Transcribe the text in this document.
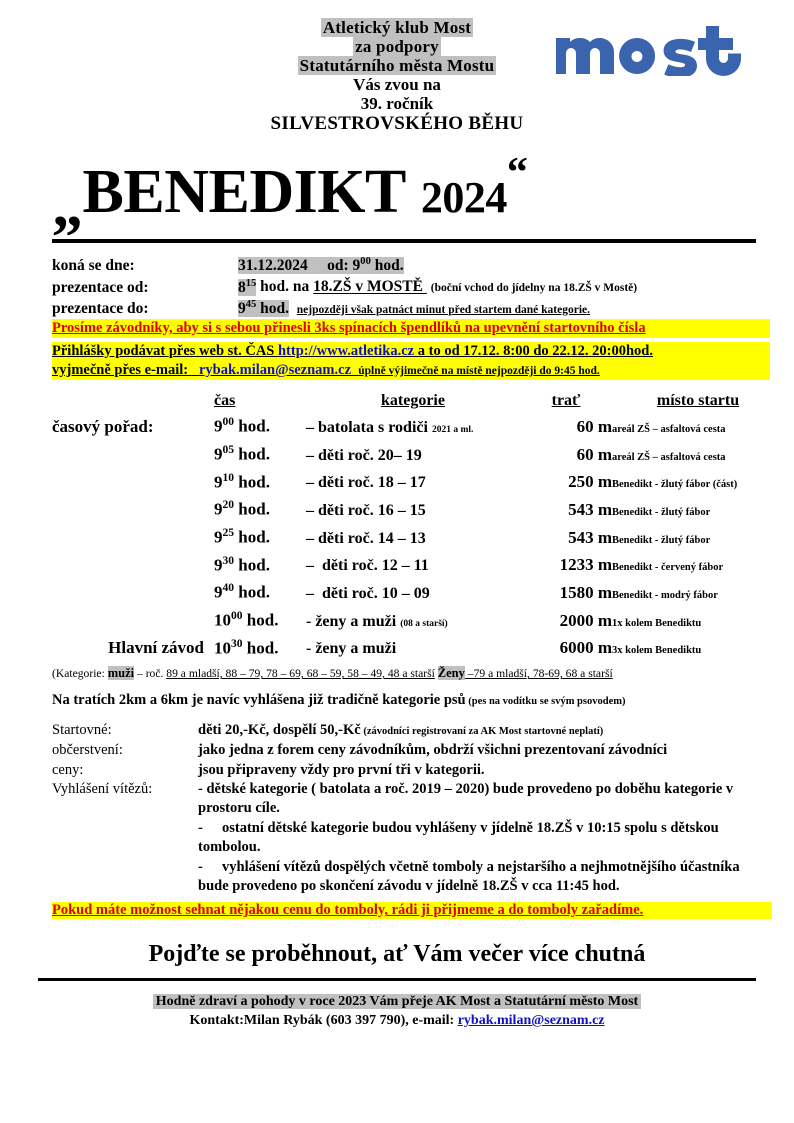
Atletický klub Most
za podpory
Statutárního města Mostu
Vás zvou na
39. ročník
SILVESTROVSKÉHO BĚHU
„BENEDIKT 2024“
koná se dne:	31.12.2024 od: $9^{00}$ hod.
prezentace od:	$8^{15}$ hod. na 18.ZŠ v MOSTĚ (boční vchod do jídelny na 18.ZŠ v Mostě)
prezentace do:	$9^{45}$ hod. nejpozději však patnáct minut před startem dané kategorie.
Prosíme závodníky, aby si s sebou přinesli 3ks spínacích špendlíků na upevnění startovního čísla
Přihlášky podávat přes web st. ČAS http://www.atletika.cz a to od 17.12. 8:00 do 22.12. 20:00hod.
vyjmečně přes e-mail: rybak.milan@seznam.cz úplně výjimečně na místě nejpozději do 9:45 hod.
	čas	kategorie	trať	místo startu
časový pořad:	$9^{00}$ hod.	– batolata s rodiči 2021 a ml.	60 m	areál ZŠ – asfaltová cesta
	$9^{05}$ hod.	– děti roč. 20– 19	60 m	areál ZŠ – asfaltová cesta
	$9^{10}$ hod.	– děti roč. 18 – 17	250 m	Benedikt - žlutý fábor (část)
	$9^{20}$ hod.	– děti roč. 16 – 15	543 m	Benedikt - žlutý fábor
	$9^{25}$ hod.	– děti roč. 14 – 13	543 m	Benedikt - žlutý fábor
	$9^{30}$ hod.	– děti roč. 12 – 11	1233 m	Benedikt - červený fábor
	$9^{40}$ hod.	– děti roč. 10 – 09	1580 m	Benedikt - modrý fábor
	$10^{00}$ hod.	- ženy a muži (08 a starší)	2000 m	1x kolem Benediktu
Hlavní závod	$10^{30}$ hod.	- ženy a muži	6000 m	3x kolem Benediktu
(Kategorie: muži – roč. 89 a mladší, 88 – 79, 78 – 69, 68 – 59, 58 – 49, 48 a starší Ženy –79 a mladší, 78-69, 68 a starší
Na tratích 2km a 6km je navíc vyhlášena již tradičně kategorie psů (pes na vodítku se svým psovodem)
Startovné:	děti 20,-Kč, dospělí 50,-Kč (závodníci registrovaní za AK Most startovné neplatí)
občerstvení:	jako jedna z forem ceny závodníkům, obdrží všichni prezentovaní závodníci
ceny:	jsou připraveny vždy pro první tři v kategorii.
Vyhlášení vítězů:	- dětské kategorie ( batolata a roč. 2019 – 2020) bude provedeno po doběhu kategorie v prostoru cíle.
	- ostatní dětské kategorie budou vyhlášeny v jídelně 18.ZŠ v 10:15 spolu s dětskou tombolou.
	- vyhlášení vítězů dospělých včetně tomboly a nejstaršího a nejhmotnějšího účastníka bude provedeno po skončení závodu v jídelně 18.ZŠ v cca 11:45 hod.
Pokud máte možnost sehnat nějakou cenu do tomboly, rádi ji přijmeme a do tomboly zařadíme.
Pojďte se proběhnout, ať Vám večer více chutná
Hodně zdraví a pohody v roce 2023 Vám přeje AK Most a Statutární město Most
Kontakt:Milan Rybák (603 397 790), e-mail: rybak.milan@seznam.cz
